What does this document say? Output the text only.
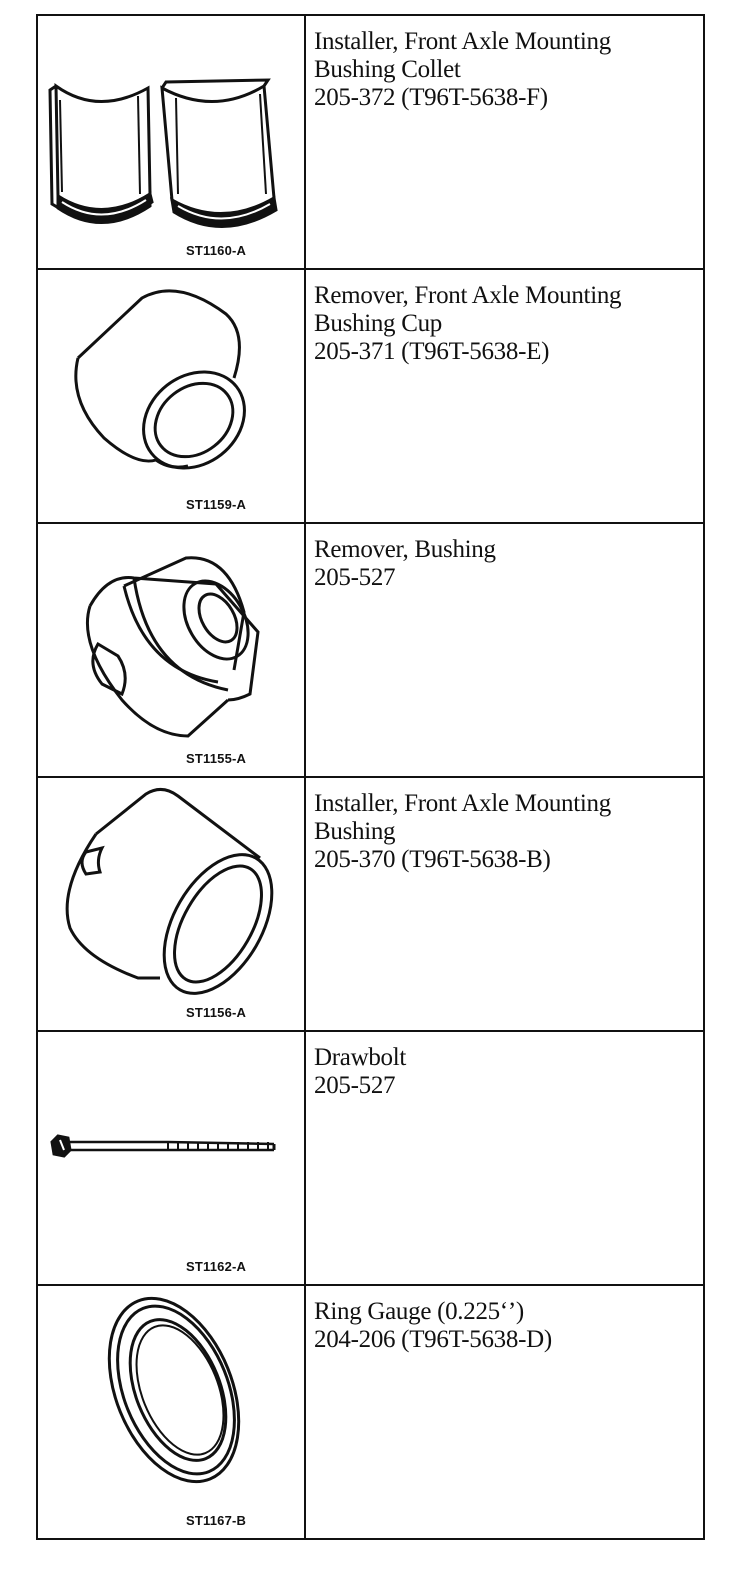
ST1160-A	Installer, Front Axle Mounting
Bushing Collet
205-372 (T96T-5638-F)

ST1159-A	Remover, Front Axle Mounting
Bushing Cup
205-371 (T96T-5638-E)

ST1155-A	Remover, Bushing
205-527

ST1156-A	Installer, Front Axle Mounting
Bushing
205-370 (T96T-5638-B)

ST1162-A	Drawbolt
205-527

ST1167-B	Ring Gauge (0.225‘’)
204-206 (T96T-5638-D)
